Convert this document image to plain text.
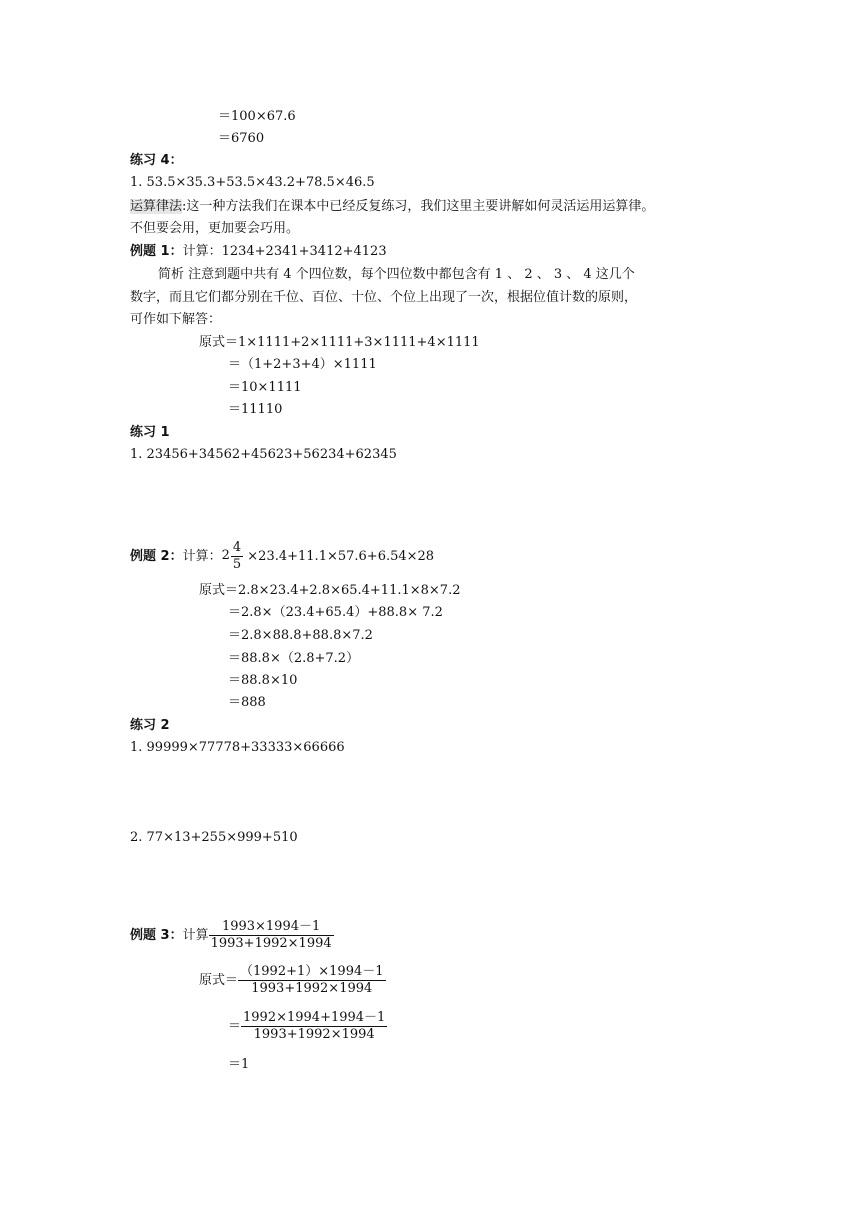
＝100×67.6
＝6760
练习 4：
1. 53.5×35.3+53.5×43.2+78.5×46.5
运算律法:这一种方法我们在课本中已经反复练习，我们这里主要讲解如何灵活运用运算律。
不但要会用，更加要会巧用。
例题 1：计算：1234+2341+3412+4123
简析 注意到题中共有 4 个四位数，每个四位数中都包含有 1 、 2 、 3 、 4 这几个
数字，而且它们都分别在千位、百位、十位、个位上出现了一次，根据位值计数的原则，
可作如下解答：
原式＝1×1111+2×1111+3×1111+4×1111
＝（1+2+3+4）×1111
＝10×1111
＝11110
练习 1
1. 23456+34562+45623+56234+62345
例题 2：计算：$2 \frac{4}{5} \times 23.4+11.1\times 57.6+6.54\times 28$
原式＝2.8×23.4+2.8×65.4+11.1×8×7.2
＝2.8×（23.4+65.4）+88.8× 7.2
＝2.8×88.8+88.8×7.2
＝88.8×（2.8+7.2）
＝88.8×10
＝888
练习 2
1. 99999×77778+33333×66666
2. 77×13+255×999+510
例题 3：计算 $\frac{1993\times 1994-1}{1993+1992\times 1994}$
原式＝ $\frac{(1992+1)\times 1994-1}{1993+1992\times 1994}$
＝ $\frac{1992\times 1994+1994-1}{1993+1992\times 1994}$
＝1
